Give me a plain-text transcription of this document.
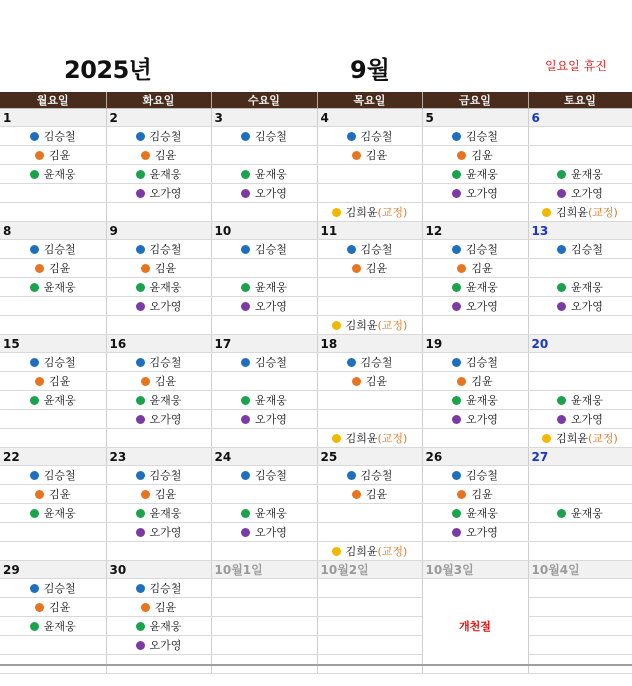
2025년	9월	일요일 휴진
월요일	화요일	수요일	목요일	금요일	토요일
1	2	3	4	5	6

김승철	김승철	김승철	김승철	김승철	

김윤	김윤		김윤	김윤	

윤재웅	윤재웅	윤재웅		윤재웅	윤재웅

	오가영	오가영		오가영	오가영

			김희윤(교정)		김희윤(교정)

8	9	10	11	12	13

김승철	김승철	김승철	김승철	김승철	김승철

김윤	김윤		김윤	김윤	

윤재웅	윤재웅	윤재웅		윤재웅	윤재웅

	오가영	오가영		오가영	오가영

			김희윤(교정)		

15	16	17	18	19	20

김승철	김승철	김승철	김승철	김승철	

김윤	김윤		김윤	김윤	

윤재웅	윤재웅	윤재웅		윤재웅	윤재웅

	오가영	오가영		오가영	오가영

			김희윤(교정)		김희윤(교정)

22	23	24	25	26	27

김승철	김승철	김승철	김승철	김승철	

김윤	김윤		김윤	김윤	

윤재웅	윤재웅	윤재웅		윤재웅	윤재웅

	오가영	오가영		오가영	

			김희윤(교정)		

29	30	10월1일	10월2일	10월3일	10월4일

김승철	김승철			개천절	

김윤	김윤				

윤재웅	윤재웅				

	오가영				
